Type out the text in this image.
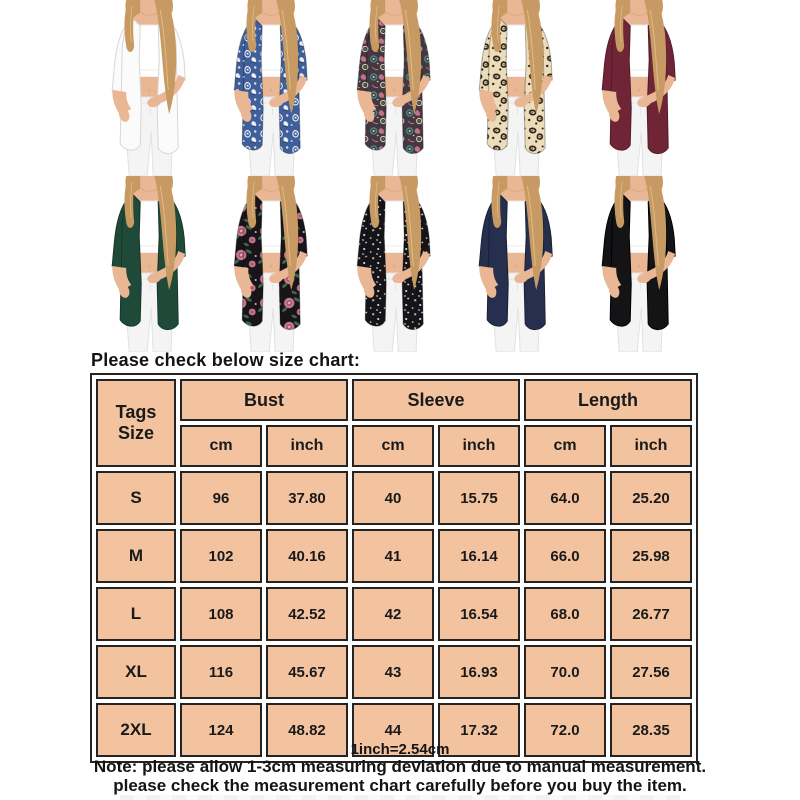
Please check below size chart:
Tags
Size	Bust		Sleeve		Length	
	cm	inch	cm	inch	cm	inch
S	96	37.80	40	15.75	64.0	25.20
M	102	40.16	41	16.14	66.0	25.98
L	108	42.52	42	16.54	68.0	26.77
XL	116	45.67	43	16.93	70.0	27.56
2XL	124	48.82	44	17.32	72.0	28.35
1inch=2.54cm
Note: please allow 1-3cm measuring deviation due to manual measurement.
please check the measurement chart carefully before you buy the item.
